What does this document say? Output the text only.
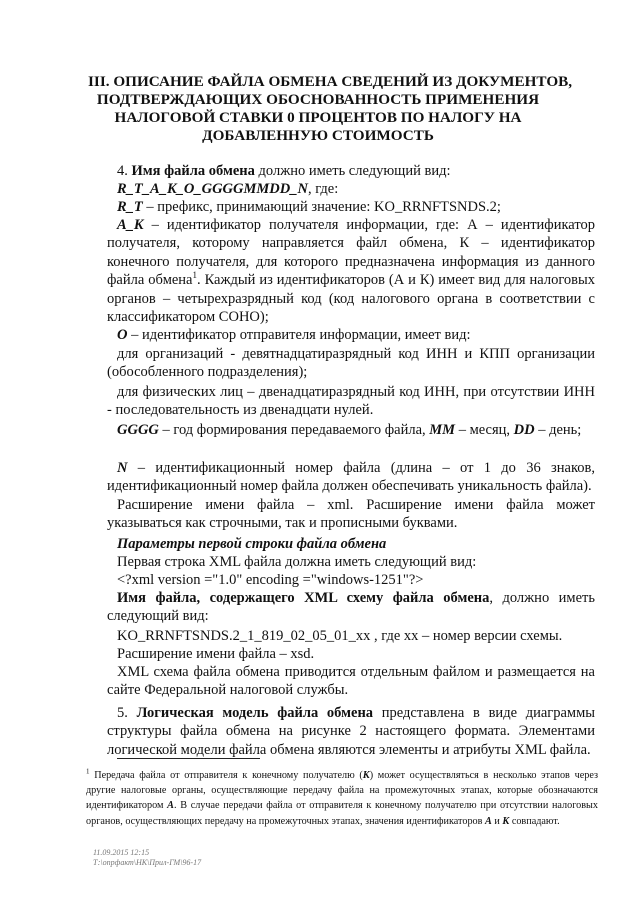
III. ОПИСАНИЕ ФАЙЛА ОБМЕНА СВЕДЕНИЙ ИЗ ДОКУМЕНТОВ,
ПОДТВЕРЖДАЮЩИХ ОБОСНОВАННОСТЬ ПРИМЕНЕНИЯ
НАЛОГОВОЙ СТАВКИ 0 ПРОЦЕНТОВ ПО НАЛОГУ НА
ДОБАВЛЕННУЮ СТОИМОСТЬ
4. Имя файла обмена должно иметь следующий вид:
R_T_A_K_O_GGGGMMDD_N, где:
R_T – префикс, принимающий значение: KO_RRNFTSNDS.2;
A_K – идентификатор получателя информации, где: А – идентификатор получателя, которому направляется файл обмена, К – идентификатор конечного получателя, для которого предназначена информация из данного файла обмена$^1$. Каждый из идентификаторов (А и К) имеет вид для налоговых органов – четырехразрядный код (код налогового органа в соответствии с классификатором СОНО);
O – идентификатор отправителя информации, имеет вид:
для организаций - девятнадцатиразрядный код ИНН и КПП организации (обособленного подразделения);
для физических лиц – двенадцатиразрядный код ИНН, при отсутствии ИНН - последовательность из двенадцати нулей.
GGGG – год формирования передаваемого файла, MM – месяц, DD – день;
N – идентификационный номер файла (длина – от 1 до 36 знаков, идентификационный номер файла должен обеспечивать уникальность файла).
Расширение имени файла – xml. Расширение имени файла может указываться как строчными, так и прописными буквами.
Параметры первой строки файла обмена
Первая строка XML файла должна иметь следующий вид:
<?xml version ="1.0" encoding ="windows-1251"?>
Имя файла, содержащего XML схему файла обмена, должно иметь следующий вид:
KO_RRNFTSNDS.2_1_819_02_05_01_xx , где хх – номер версии схемы.
Расширение имени файла – xsd.
XML схема файла обмена приводится отдельным файлом и размещается на сайте Федеральной налоговой службы.
5. Логическая модель файла обмена представлена в виде диаграммы структуры файла обмена на рисунке 2 настоящего формата. Элементами логической модели файла обмена являются элементы и атрибуты XML файла.
$^1$ Передача файла от отправителя к конечному получателю (К) может осуществляться в несколько этапов через другие налоговые органы, осуществляющие передачу файла на промежуточных этапах, которые обозначаются идентификатором А. В случае передачи файла от отправителя к конечному получателю при отсутствии налоговых органов, осуществляющих передачу на промежуточных этапах, значения идентификаторов А и К совпадают.
11.09.2015 12:15
Т:\опрфакт\НК\Прил-ГМ\96-17
